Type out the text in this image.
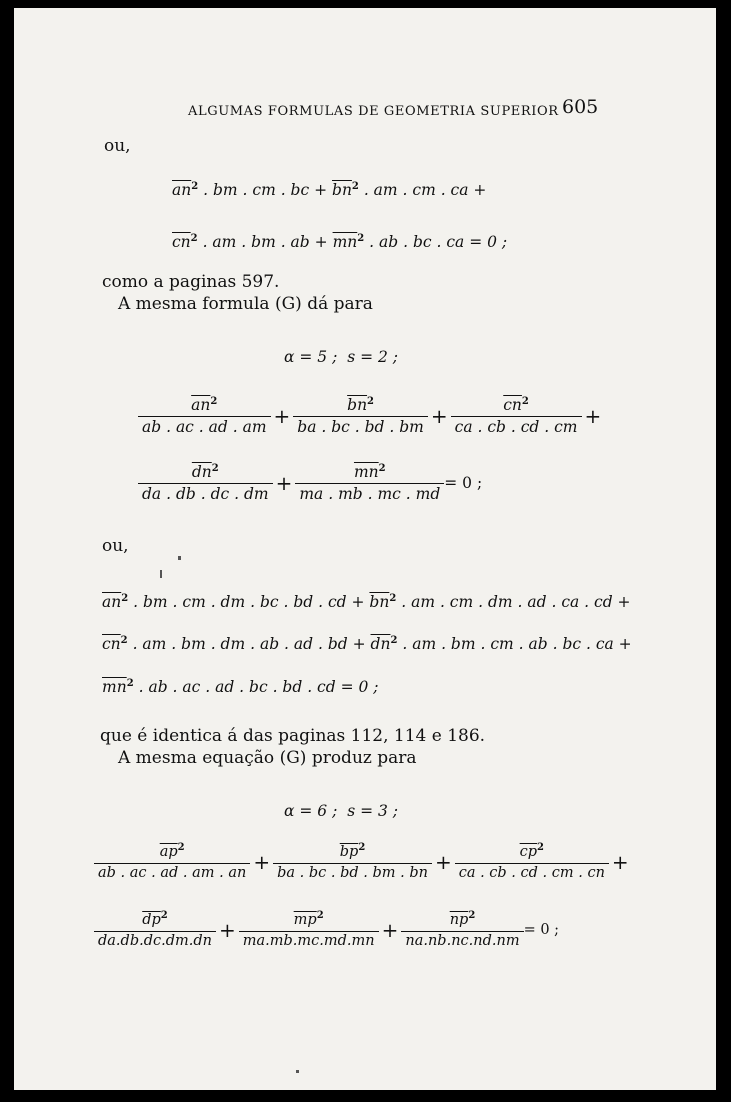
ALGUMAS FORMULAS DE GEOMETRIA SUPERIOR 605
ou,
$\overline{an}^2$ . bm . cm . bc + $\overline{bn}^2$ . am . cm . ca +
$\overline{cn}^2$ . am . bm . ab + $\overline{mn}^2$ . ab . bc . ca = 0 ;
como a paginas 597.
A mesma formula (G) dá para
α = 5 ; s = 2 ;
$\frac{\overline{an}^2}{ab . ac . ad . am} + \frac{\overline{bn}^2}{ba . bc . bd . bm} + \frac{\overline{cn}^2}{ca . cb . cd . cm}$ +
$\frac{\overline{dn}^2}{da . db . dc . dm} + \frac{\overline{mn}^2}{ma . mb . mc . md} = 0$ ;
ou,
$\overline{an}^2$ . bm . cm . dm . bc . bd . cd + $\overline{bn}^2$ . am . cm . dm . ad . ca . cd +
$\overline{cn}^2$ . am . bm . dm . ab . ad . bd + $\overline{dn}^2$ . am . bm . cm . ab . bc . ca +
$\overline{mn}^2$ . ab . ac . ad . bc . bd . cd = 0 ;
que é identica á das paginas 112, 114 e 186.
A mesma equação (G) produz para
α = 6 ; s = 3 ;
$\frac{\overline{ap}^2}{ab . ac . ad . am . an} + \frac{\overline{bp}^2}{ba . bc . bd . bm . bn} + \frac{\overline{cp}^2}{ca . cb . cd . cm . cn}$ +
$\frac{\overline{dp}^2}{da.db.dc.dm.dn} + \frac{\overline{mp}^2}{ma.mb.mc.md.mn} + \frac{\overline{np}^2}{na.nb.nc.nd.nm} = 0$ ;
